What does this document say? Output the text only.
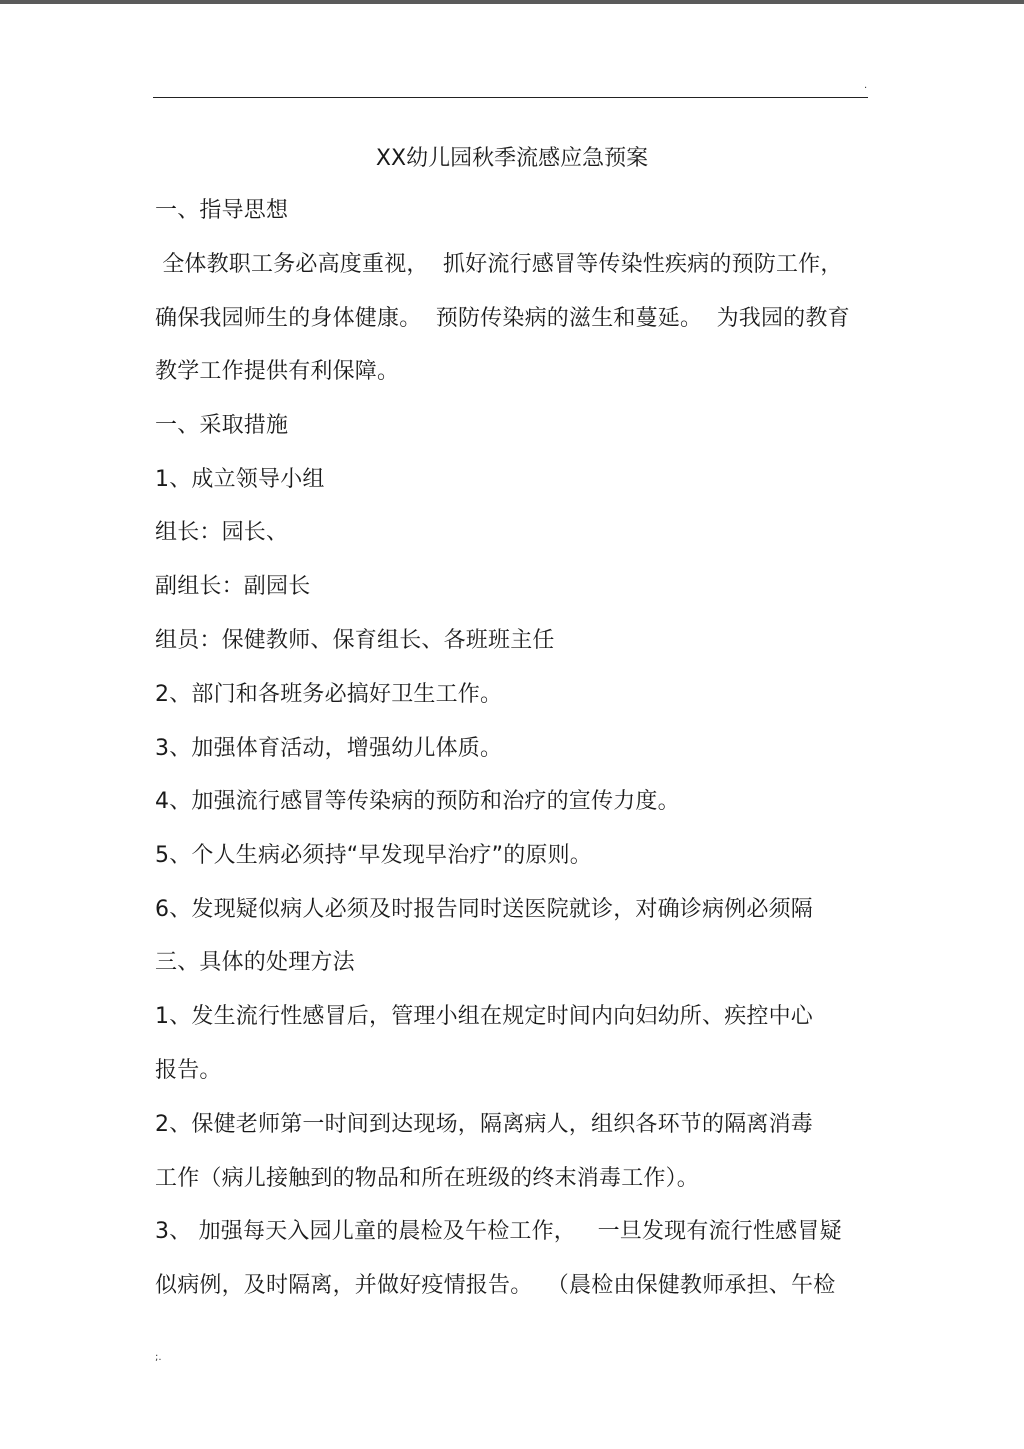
.
XX幼儿园秋季流感应急预案
一、指导思想
全体教职工务必高度重视，  抓好流行感冒等传染性疾病的预防工作，
确保我园师生的身体健康。  预防传染病的滋生和蔓延。  为我园的教育
教学工作提供有利保障。
一、采取措施
1、成立领导小组
组长：园长、
副组长：副园长
组员：保健教师、保育组长、各班班主任
2、部门和各班务必搞好卫生工作。
3、加强体育活动，增强幼儿体质。
4、加强流行感冒等传染病的预防和治疗的宣传力度。
5、个人生病必须持“早发现早治疗”的原则。
6、发现疑似病人必须及时报告同时送医院就诊，对确诊病例必须隔
三、具体的处理方法
1、发生流行性感冒后，管理小组在规定时间内向妇幼所、疾控中心
报告。
2、保健老师第一时间到达现场，隔离病人，组织各环节的隔离消毒
工作（病儿接触到的物品和所在班级的终末消毒工作）。
3、 加强每天入园儿童的晨检及午检工作，   一旦发现有流行性感冒疑
似病例，及时隔离，并做好疫情报告。  （晨检由保健教师承担、午检
;.
